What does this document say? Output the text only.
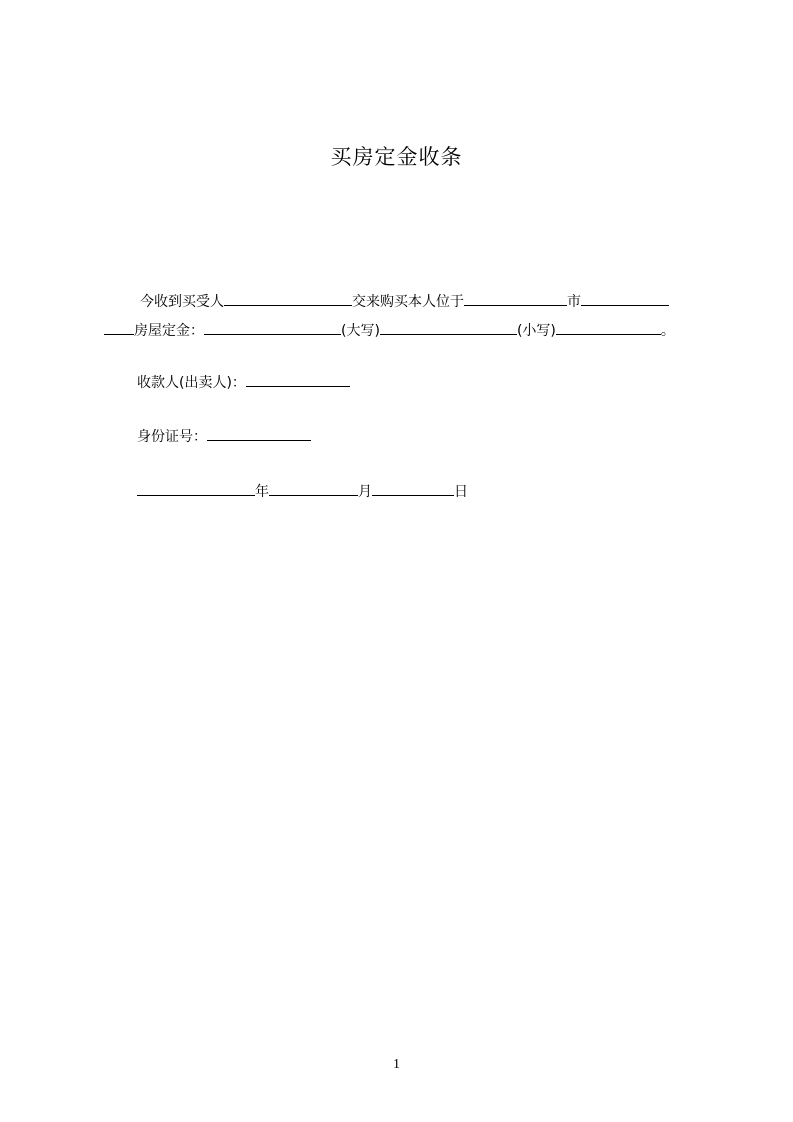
买房定金收条
今收到买受人	交来购买本人位于	市
房屋定金：	(大写)	(小写)	。
收款人(出卖人)：
身份证号：
年	月	日
1
